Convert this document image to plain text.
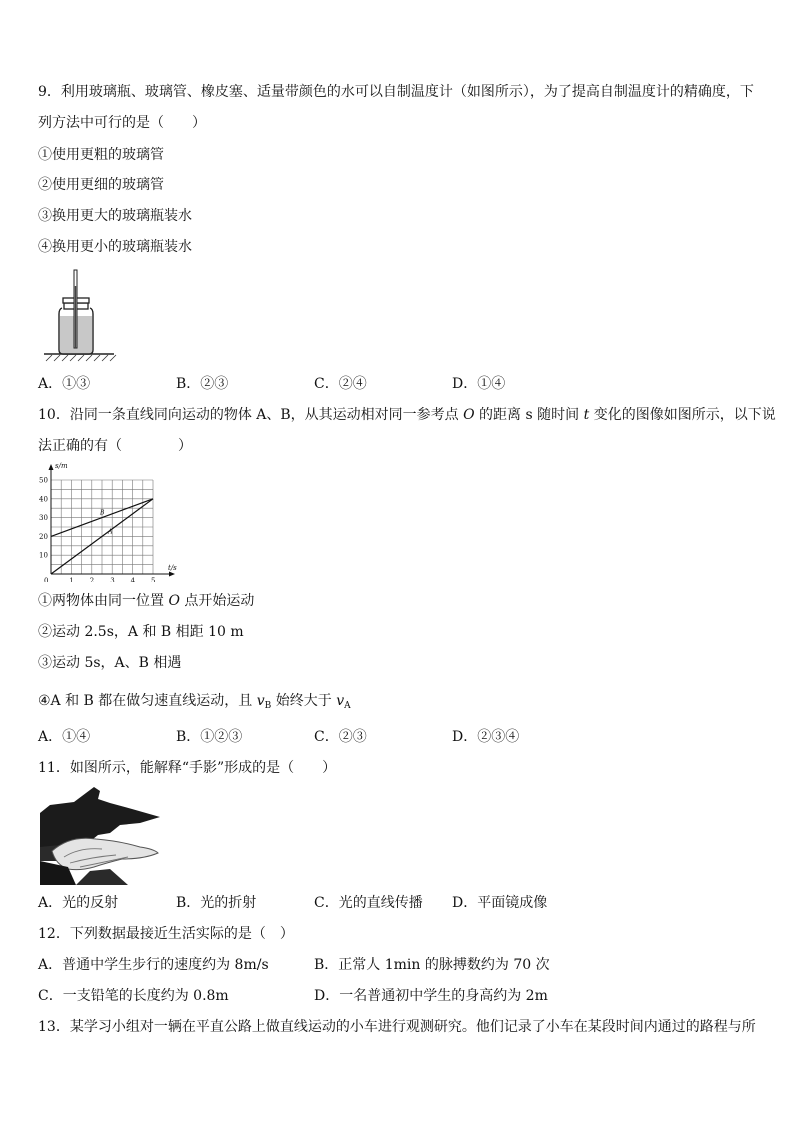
9．利用玻璃瓶、玻璃管、橡皮塞、适量带颜色的水可以自制温度计（如图所示），为了提高自制温度计的精确度，下
列方法中可行的是（　　）
①使用更粗的玻璃管
②使用更细的玻璃管
③换用更大的玻璃瓶装水
④换用更小的玻璃瓶装水
A．①③	B．②③	C．②④	D．①④
10．沿同一条直线同向运动的物体 A、B，从其运动相对同一参考点 O 的距离 s 随时间 t 变化的图像如图所示，以下说
法正确的有（　　　　）
1 2 3 4 5
10
20
30
40
50
s/m
t/s
0
B
A
①两物体由同一位置 O 点开始运动
②运动 2.5s，A 和 B 相距 10 m
③运动 5s，A、B 相遇
④A 和 B 都在做匀速直线运动，且 $v_B$ 始终大于 $v_A$
A．①④	B．①②③	C．②③	D．②③④
11．如图所示，能解释“手影”形成的是（　　）
A．光的反射	B．光的折射	C．光的直线传播 D．平面镜成像
12．下列数据最接近生活实际的是（　）
A．普通中学生步行的速度约为 8m/s	B．正常人 1min 的脉搏数约为 70 次
C．一支铅笔的长度约为 0.8m	D．一名普通初中学生的身高约为 2m
13．某学习小组对一辆在平直公路上做直线运动的小车进行观测研究。他们记录了小车在某段时间内通过的路程与所
